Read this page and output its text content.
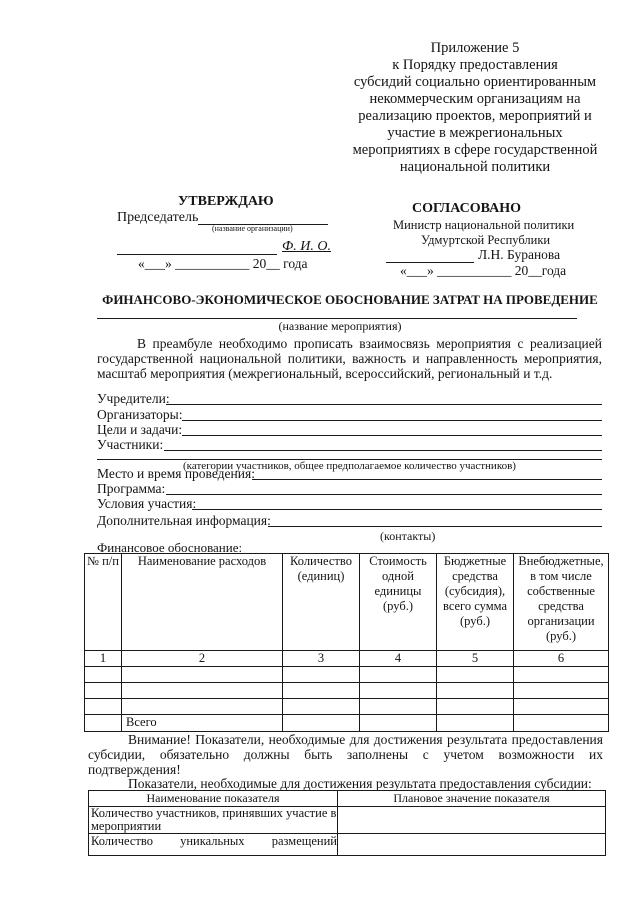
Приложение 5
к Порядку предоставления
субсидий социально ориентированным
некоммерческим организациям на
реализацию проектов, мероприятий и
участие в межрегиональных
мероприятиях в сфере государственной
национальной политики
УТВЕРЖДАЮ
Председатель
(название организации)
Ф. И. О.
«___» ___________ 20__ года
СОГЛАСОВАНО
Министр национальной политики
Удмуртской Республики
Л.Н. Буранова
«___» ___________ 20__года
ФИНАНСОВО-ЭКОНОМИЧЕСКОЕ ОБОСНОВАНИЕ ЗАТРАТ НА ПРОВЕДЕНИЕ
(название мероприятия)
В преамбуле необходимо прописать взаимосвязь мероприятия с реализацией государственной национальной политики, важность и направленность мероприятия, масштаб мероприятия (межрегиональный, всероссийский, региональный и т.д.
Учредители:
Организаторы:
Цели и задачи:
Участники:
(категории участников, общее предполагаемое количество участников)
Место и время проведения:
Программа:
Условия участия:
Дополнительная информация:
(контакты)
Финансовое обоснование:
№ п/п	Наименование расходов	Количество (единиц)	Стоимость одной единицы (руб.)	Бюджетные средства (субсидия), всего сумма (руб.)	Внебюджетные, в том числе собственные средства организации (руб.)
1	2	3	4	5	6

	Всего				
Внимание! Показатели, необходимые для достижения результата предоставления субсидии, обязательно должны быть заполнены с учетом возможности их подтверждения!
Показатели, необходимые для достижения результата предоставления субсидии:
Наименование показателя	Плановое значение показателя
Количество участников, принявших участие в мероприятии	
Количество уникальных размещений	
